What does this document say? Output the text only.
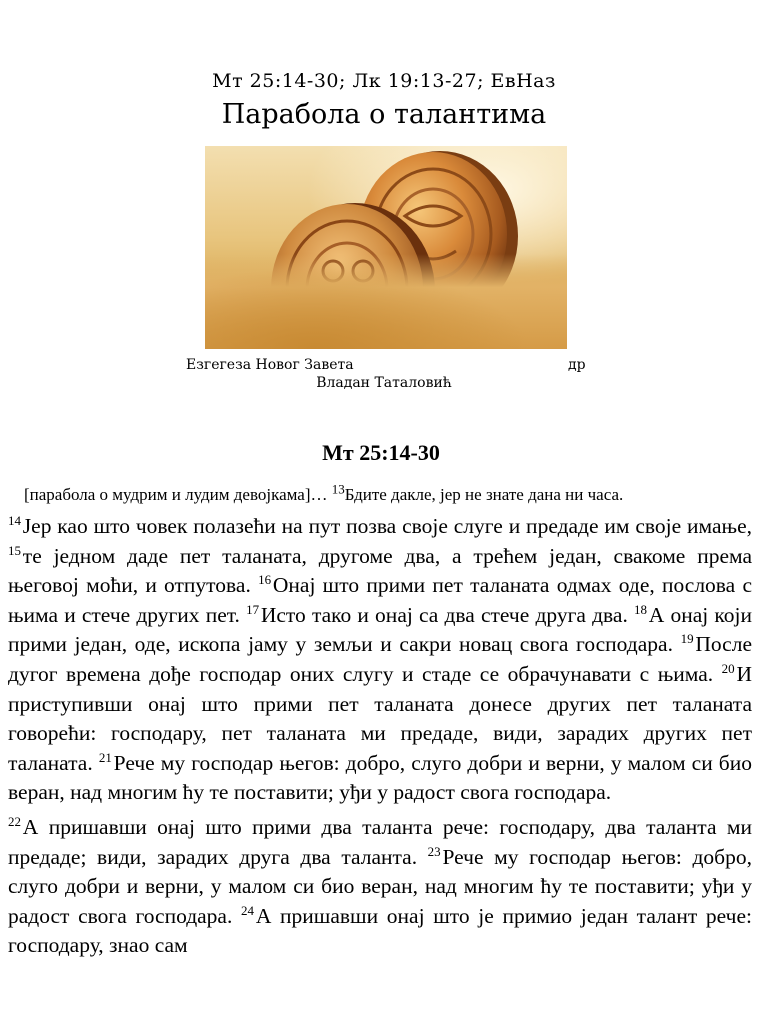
Мт 25:14-30; Лк 19:13-27; ЕвНаз
Парабола о талантима
Езгегеза Новог Завета	др
Владан Таталовић
Мт 25:14-30
[парабола о мудрим и лудим девојкама]… $^{13}$Бдите дакле, јер не знате дана ни часа.

$^{14}$ Јер као што човек полазећи на пут позва своје слуге и предаде им своје имање, $^{15}$ те једном даде пет таланата, другоме два, а трећем један, свакоме према његовој моћи, и отпутова. $^{16}$ Онај што прими пет таланата одмах оде, послова с њима и стече других пет. $^{17}$ Исто тако и онај са два стече друга два. $^{18}$ А онај који прими један, оде, ископа јаму у земљи и сакри новац свога господара. $^{19}$ После дугог времена дође господар оних слугу и стаде се обрачунавати с њима. $^{20}$ И приступивши онај што прими пет таланата донесе других пет таланата говорећи: господару, пет таланата ми предаде, види, зарадих других пет таланата. $^{21}$ Рече му господар његов: добро, слуго добри и верни, у малом си био веран, над многим ћу те поставити; уђи у радост свога господара.

$^{22}$ А пришавши онај што прими два таланта рече: господару, два таланта ми предаде; види, зарадих друга два таланта. $^{23}$ Рече му господар његов: добро, слуго добри и верни, у малом си био веран, над многим ћу те поставити; уђи у радост свога господара. $^{24}$ А пришавши онај што је примио један талант рече: господару, знао сам
